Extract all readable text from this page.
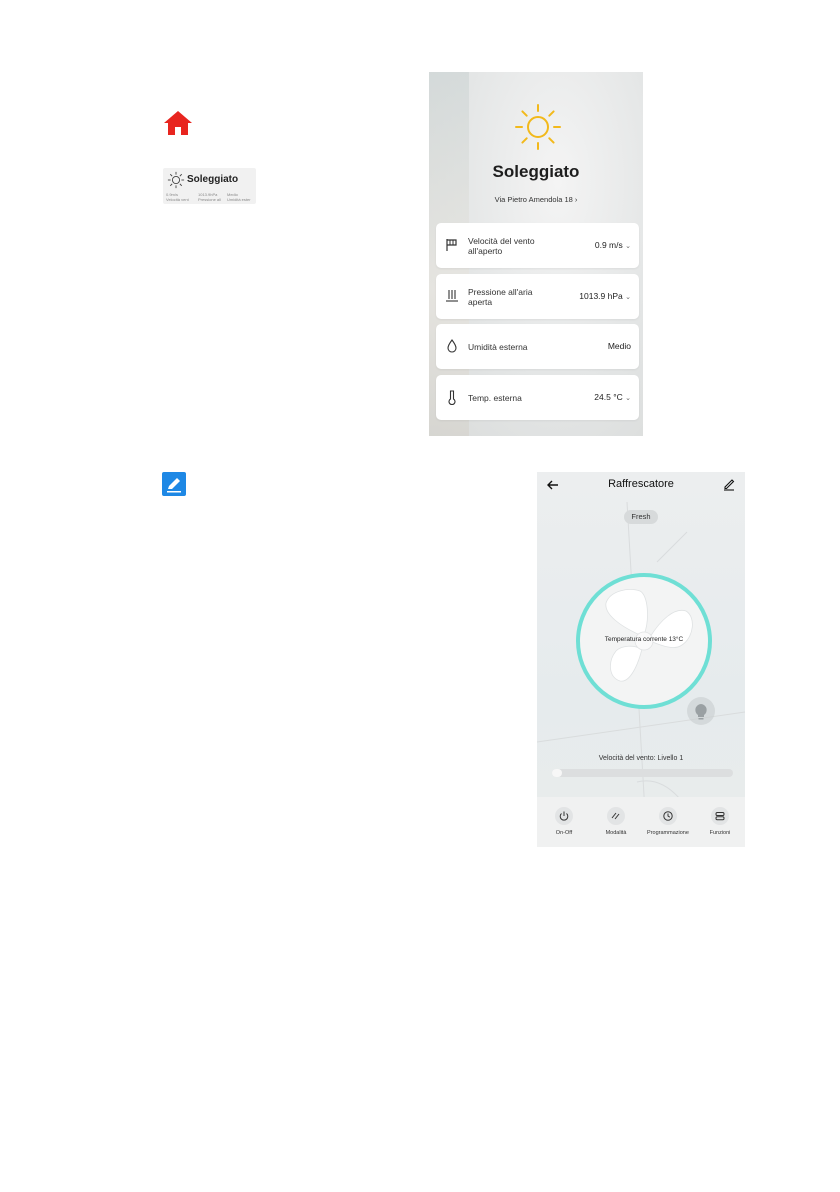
Soleggiato
0.9m/s
Velocità vent
1013.9hPa
Pressione all
Medio
Umidità ester
Soleggiato
Via Pietro Amendola 18 ›
Velocità del vento all'aperto
0.9 m/s ⌄
Pressione all'aria aperta
1013.9 hPa ⌄
Umidità esterna	Medio
Temp. esterna	24.5 °C ⌄
Raffrescatore
Fresh
Temperatura corrente 13°C
Velocità del vento: Livello 1
On-Off	Modalità	Programmazione	Funzioni
